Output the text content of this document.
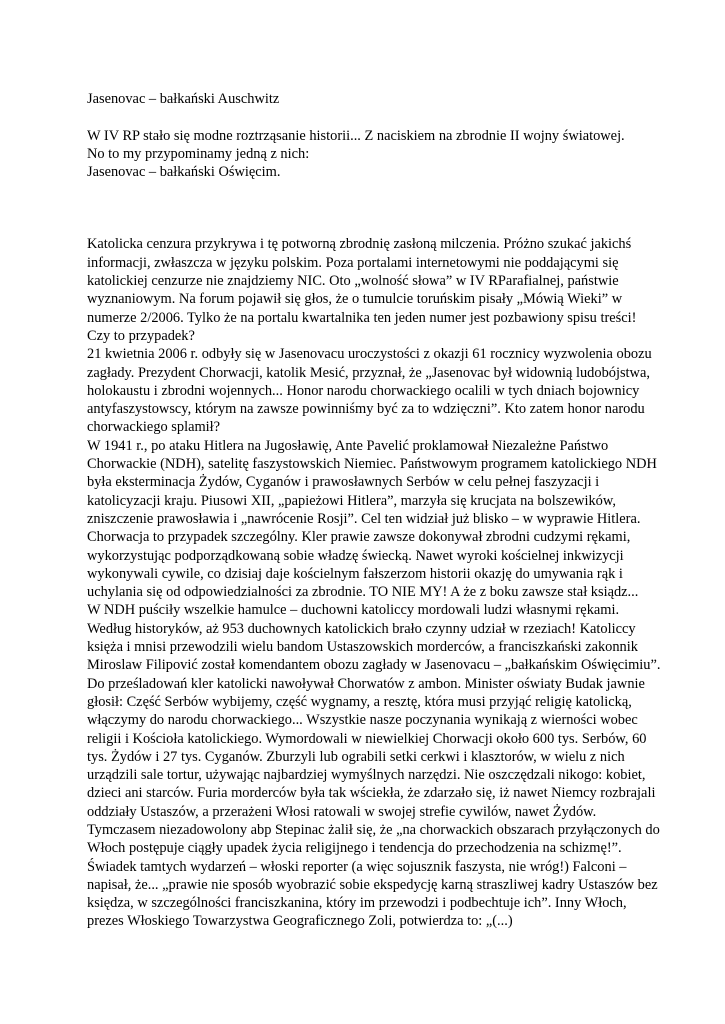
Jasenovac – bałkański Auschwitz

W IV RP stało się modne roztrząsanie historii... Z naciskiem na zbrodnie II wojny światowej.

No to my przypominamy jedną z nich:

Jasenovac – bałkański Oświęcim.

Katolicka cenzura przykrywa i tę potworną zbrodnię zasłoną milczenia. Próżno szukać jakichś informacji, zwłaszcza w języku polskim. Poza portalami internetowymi nie poddającymi się katolickiej cenzurze nie znajdziemy NIC. Oto „wolność słowa” w IV RParafialnej, państwie wyznaniowym. Na forum pojawił się głos, że o tumulcie toruńskim pisały „Mówią Wieki” w numerze 2/2006. Tylko że na portalu kwartalnika ten jeden numer jest pozbawiony spisu treści! Czy to przypadek?

21 kwietnia 2006 r. odbyły się w Jasenovacu uroczystości z okazji 61 rocznicy wyzwolenia obozu zagłady. Prezydent Chorwacji, katolik Mesić, przyznał, że „Jasenovac był widownią ludobójstwa, holokaustu i zbrodni wojennych... Honor narodu chorwackiego ocalili w tych dniach bojownicy antyfaszystowscy, którym na zawsze powinniśmy być za to wdzięczni”. Kto zatem honor narodu chorwackiego splamił?

W 1941 r., po ataku Hitlera na Jugosławię, Ante Pavelić proklamował Niezależne Państwo Chorwackie (NDH), satelitę faszystowskich Niemiec. Państwowym programem katolickiego NDH była eksterminacja Żydów, Cyganów i prawosławnych Serbów w celu pełnej faszyzacji i katolicyzacji kraju. Piusowi XII, „papieżowi Hitlera”, marzyła się krucjata na bolszewików, zniszczenie prawosławia i „nawrócenie Rosji”. Cel ten widział już blisko – w wyprawie Hitlera.

Chorwacja to przypadek szczególny. Kler prawie zawsze dokonywał zbrodni cudzymi rękami, wykorzystując podporządkowaną sobie władzę świecką. Nawet wyroki kościelnej inkwizycji wykonywali cywile, co dzisiaj daje kościelnym fałszerzom historii okazję do umywania rąk i uchylania się od odpowiedzialności za zbrodnie. TO NIE MY! A że z boku zawsze stał ksiądz...

W NDH puściły wszelkie hamulce – duchowni katoliccy mordowali ludzi własnymi rękami. Według historyków, aż 953 duchownych katolickich brało czynny udział w rzeziach! Katoliccy księża i mnisi przewodzili wielu bandom Ustaszowskich morderców, a franciszkański zakonnik Miroslaw Filipović został komendantem obozu zagłady w Jasenovacu – „bałkańskim Oświęcimiu”. Do prześladowań kler katolicki nawoływał Chorwatów z ambon. Minister oświaty Budak jawnie głosił: Część Serbów wybijemy, część wygnamy, a resztę, która musi przyjąć religię katolicką, włączymy do narodu chorwackiego... Wszystkie nasze poczynania wynikają z wierności wobec religii i Kościoła katolickiego. Wymordowali w niewielkiej Chorwacji około 600 tys. Serbów, 60 tys. Żydów i 27 tys. Cyganów. Zburzyli lub ograbili setki cerkwi i klasztorów, w wielu z nich urządzili sale tortur, używając najbardziej wymyślnych narzędzi. Nie oszczędzali nikogo: kobiet, dzieci ani starców. Furia morderców była tak wściekła, że zdarzało się, iż nawet Niemcy rozbrajali oddziały Ustaszów, a przerażeni Włosi ratowali w swojej strefie cywilów, nawet Żydów. Tymczasem niezadowolony abp Stepinac żalił się, że „na chorwackich obszarach przyłączonych do Włoch postępuje ciągły upadek życia religijnego i tendencja do przechodzenia na schizmę!”.

Świadek tamtych wydarzeń – włoski reporter (a więc sojusznik faszysta, nie wróg!) Falconi – napisał, że... „prawie nie sposób wyobrazić sobie ekspedycję karną straszliwej kadry Ustaszów bez księdza, w szczególności franciszkanina, który im przewodzi i podbechtuje ich”. Inny Włoch, prezes Włoskiego Towarzystwa Geograficznego Zoli, potwierdza to: „(...)
